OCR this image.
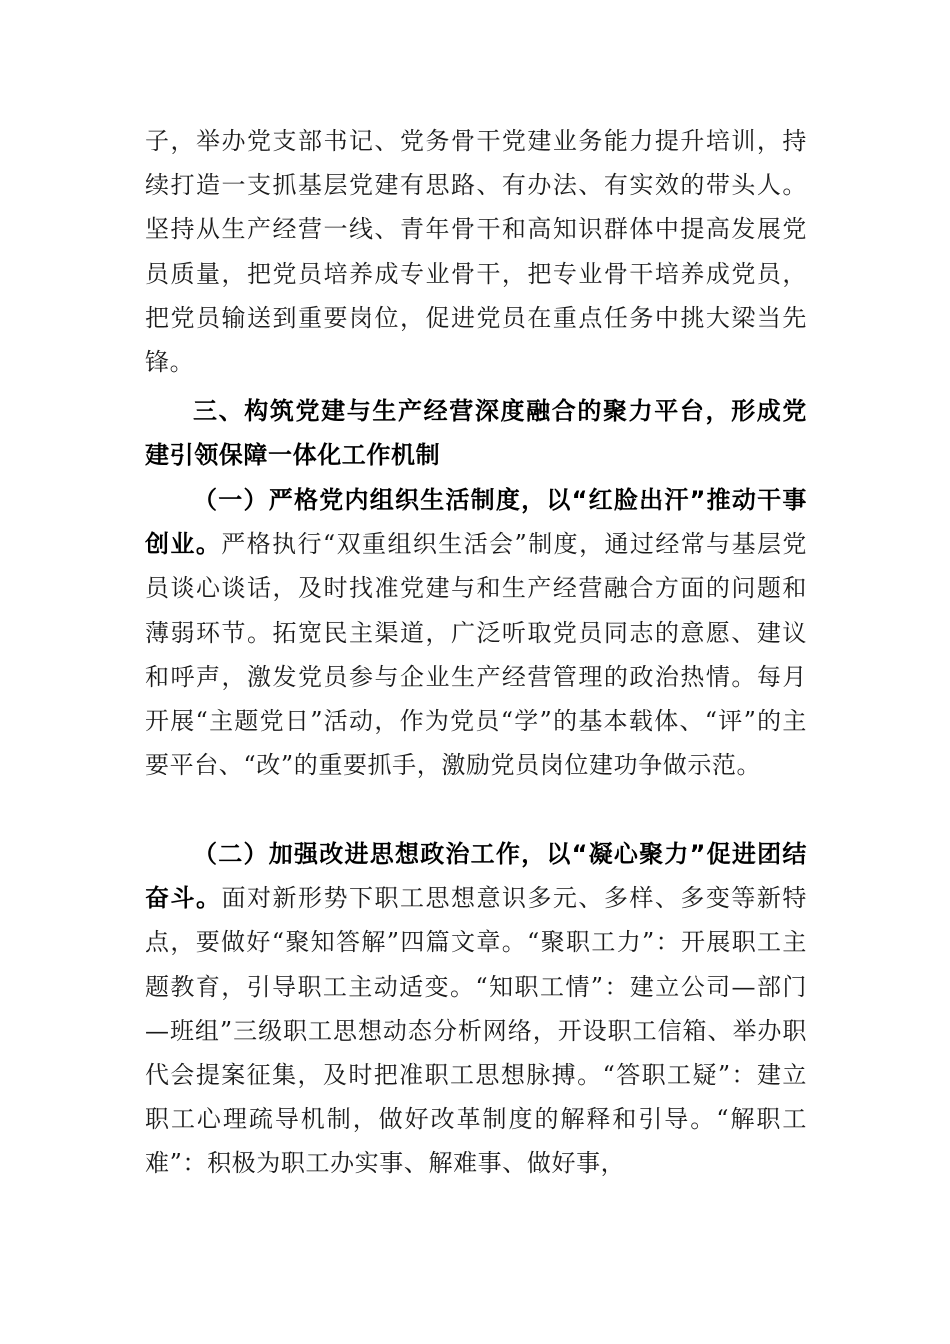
子，举办党支部书记、党务骨干党建业务能力提升培训，持续打造一支抓基层党建有思路、有办法、有实效的带头人。坚持从生产经营一线、青年骨干和高知识群体中提高发展党员质量，把党员培养成专业骨干，把专业骨干培养成党员，把党员输送到重要岗位，促进党员在重点任务中挑大梁当先锋。

三、构筑党建与生产经营深度融合的聚力平台，形成党建引领保障一体化工作机制

（一）严格党内组织生活制度，以“红脸出汗”推动干事创业。严格执行“双重组织生活会”制度，通过经常与基层党员谈心谈话，及时找准党建与和生产经营融合方面的问题和薄弱环节。拓宽民主渠道，广泛听取党员同志的意愿、建议和呼声，激发党员参与企业生产经营管理的政治热情。每月开展“主题党日”活动，作为党员“学”的基本载体、“评”的主要平台、“改”的重要抓手，激励党员岗位建功争做示范。

（二）加强改进思想政治工作，以“凝心聚力”促进团结奋斗。面对新形势下职工思想意识多元、多样、多变等新特点，要做好“聚知答解”四篇文章。“聚职工力”：开展职工主题教育，引导职工主动适变。“知职工情”：建立公司—部门—班组”三级职工思想动态分析网络，开设职工信箱、举办职代会提案征集，及时把准职工思想脉搏。“答职工疑”：建立职工心理疏导机制，做好改革制度的解释和引导。“解职工难”：积极为职工办实事、解难事、做好事，
